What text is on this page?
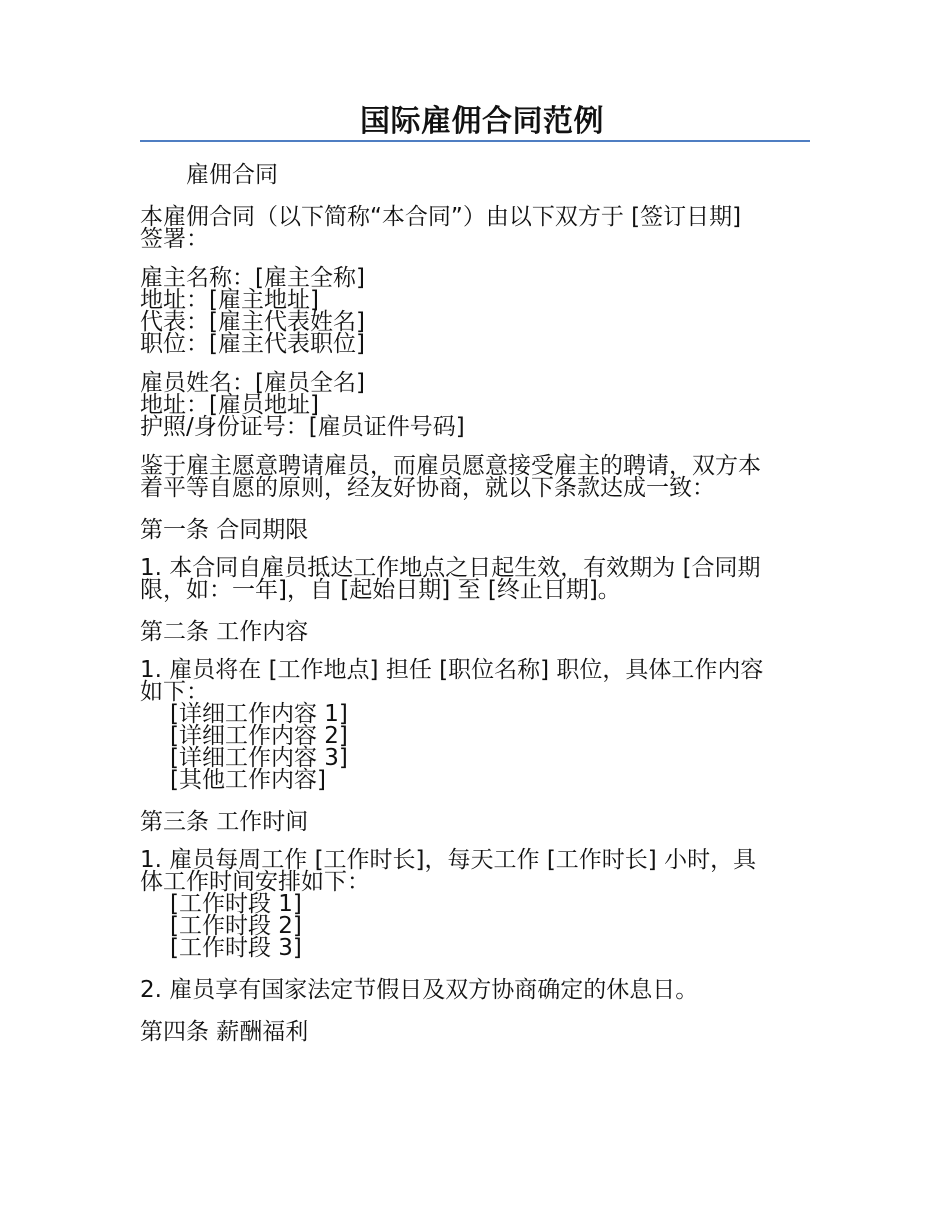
国际雇佣合同范例
雇佣合同
本雇佣合同（以下简称“本合同”）由以下双方于 [签订日期]
签署：
雇主名称：[雇主全称]
地址：[雇主地址]
代表：[雇主代表姓名]
职位：[雇主代表职位]
雇员姓名：[雇员全名]
地址：[雇员地址]
护照/身份证号：[雇员证件号码]
鉴于雇主愿意聘请雇员，而雇员愿意接受雇主的聘请，双方本
着平等自愿的原则，经友好协商，就以下条款达成一致：
第一条 合同期限
1. 本合同自雇员抵达工作地点之日起生效，有效期为 [合同期
限，如：一年]，自 [起始日期] 至 [终止日期]。
第二条 工作内容
1. 雇员将在 [工作地点] 担任 [职位名称] 职位，具体工作内容
如下：
[详细工作内容 1]
[详细工作内容 2]
[详细工作内容 3]
[其他工作内容]
第三条 工作时间
1. 雇员每周工作 [工作时长]，每天工作 [工作时长] 小时，具
体工作时间安排如下：
[工作时段 1]
[工作时段 2]
[工作时段 3]
2. 雇员享有国家法定节假日及双方协商确定的休息日。
第四条 薪酬福利
